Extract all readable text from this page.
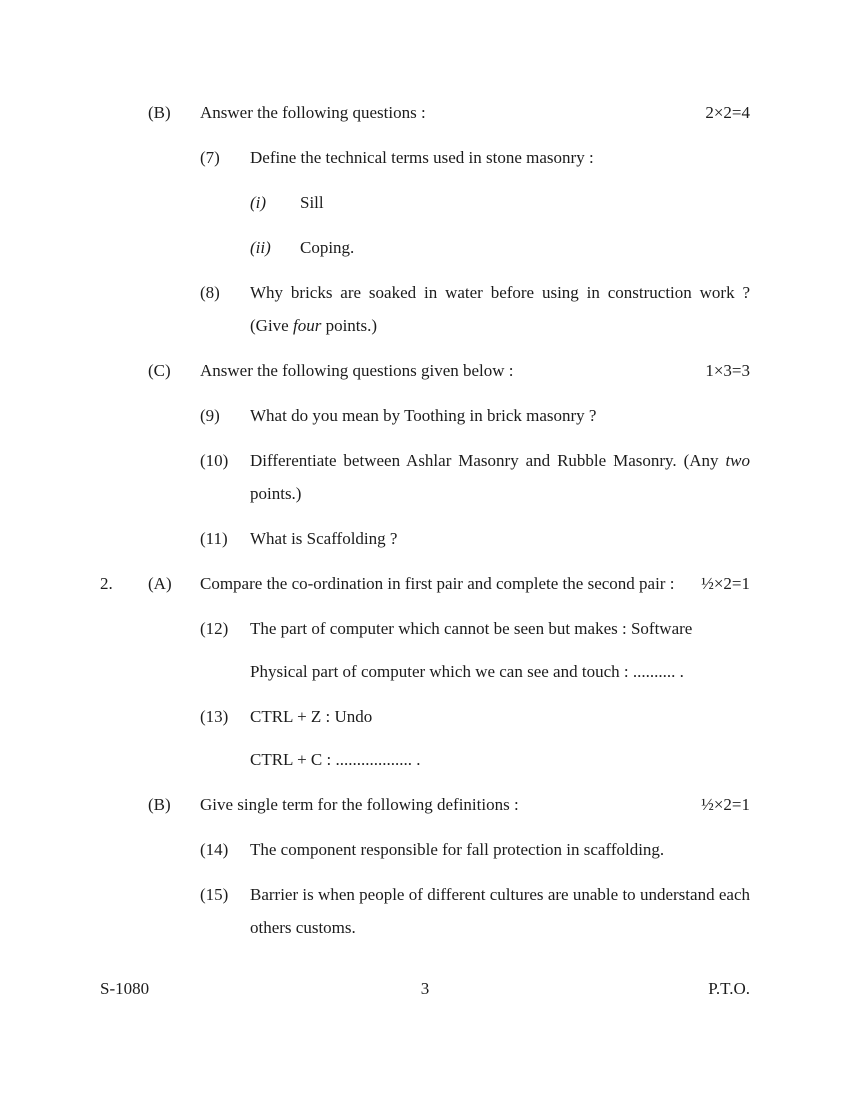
(B)	Answer the following questions :	2×2=4
(7)	Define the technical terms used in stone masonry :
(i)	Sill
(ii)	Coping.
(8)	Why bricks are soaked in water before using in construction work ? (Give four points.)
(C)	Answer the following questions given below :	1×3=3
(9)	What do you mean by Toothing in brick masonry ?
(10)	Differentiate between Ashlar Masonry and Rubble Masonry. (Any two points.)
(11)	What is Scaffolding ?
2.	(A)	Compare the co-ordination in first pair and complete the second pair :	½×2=1
(12)	The part of computer which cannot be seen but makes : Software
Physical part of computer which we can see and touch : .......... .
(13)	CTRL + Z : Undo
CTRL + C : .................. .
(B)	Give single term for the following definitions :	½×2=1
(14)	The component responsible for fall protection in scaffolding.
(15)	Barrier is when people of different cultures are unable to understand each others customs.
S-1080	3	P.T.O.
